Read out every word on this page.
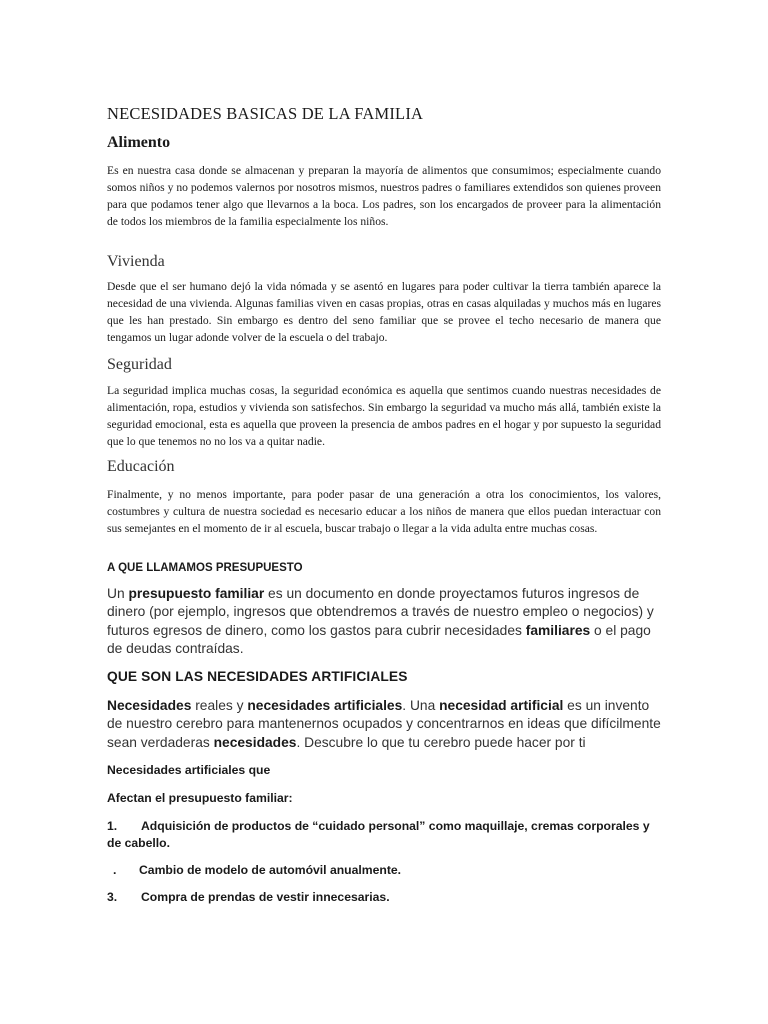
NECESIDADES BASICAS DE LA FAMILIA
Alimento

Es en nuestra casa donde se almacenan y preparan la mayoría de alimentos que consumimos; especialmente cuando somos niños y no podemos valernos por nosotros mismos, nuestros padres o familiares extendidos son quienes proveen para que podamos tener algo que llevarnos a la boca. Los padres, son los encargados de proveer para la alimentación de todos los miembros de la familia especialmente los niños.

Vivienda

Desde que el ser humano dejó la vida nómada y se asentó en lugares para poder cultivar la tierra también aparece la necesidad de una vivienda. Algunas familias viven en casas propias, otras en casas alquiladas y muchos más en lugares que les han prestado. Sin embargo es dentro del seno familiar que se provee el techo necesario de manera que tengamos un lugar adonde volver de la escuela o del trabajo.

Seguridad

La seguridad implica muchas cosas, la seguridad económica es aquella que sentimos cuando nuestras necesidades de alimentación, ropa, estudios y vivienda son satisfechos. Sin embargo la seguridad va mucho más allá, también existe la seguridad emocional, esta es aquella que proveen la presencia de ambos padres en el hogar y por supuesto la seguridad que lo que tenemos no no los va a quitar nadie.

Educación

Finalmente, y no menos importante, para poder pasar de una generación a otra los conocimientos, los valores, costumbres y cultura de nuestra sociedad es necesario educar a los niños de manera que ellos puedan interactuar con sus semejantes en el momento de ir al escuela, buscar trabajo o llegar a la vida adulta entre muchas cosas.

A QUE LLAMAMOS PRESUPUESTO

Un presupuesto familiar es un documento en donde proyectamos futuros ingresos de dinero (por ejemplo, ingresos que obtendremos a través de nuestro empleo o negocios) y futuros egresos de dinero, como los gastos para cubrir necesidades familiares o el pago de deudas contraídas.

QUE SON LAS NECESIDADES ARTIFICIALES

Necesidades reales y necesidades artificiales. Una necesidad artificial es un invento de nuestro cerebro para mantenernos ocupados y concentrarnos en ideas que difícilmente sean verdaderas necesidades. Descubre lo que tu cerebro puede hacer por ti

Necesidades artificiales que

Afectan el presupuesto familiar:

1. Adquisición de productos de “cuidado personal” como maquillaje, cremas corporales y de cabello.

. Cambio de modelo de automóvil anualmente.

3. Compra de prendas de vestir innecesarias.
